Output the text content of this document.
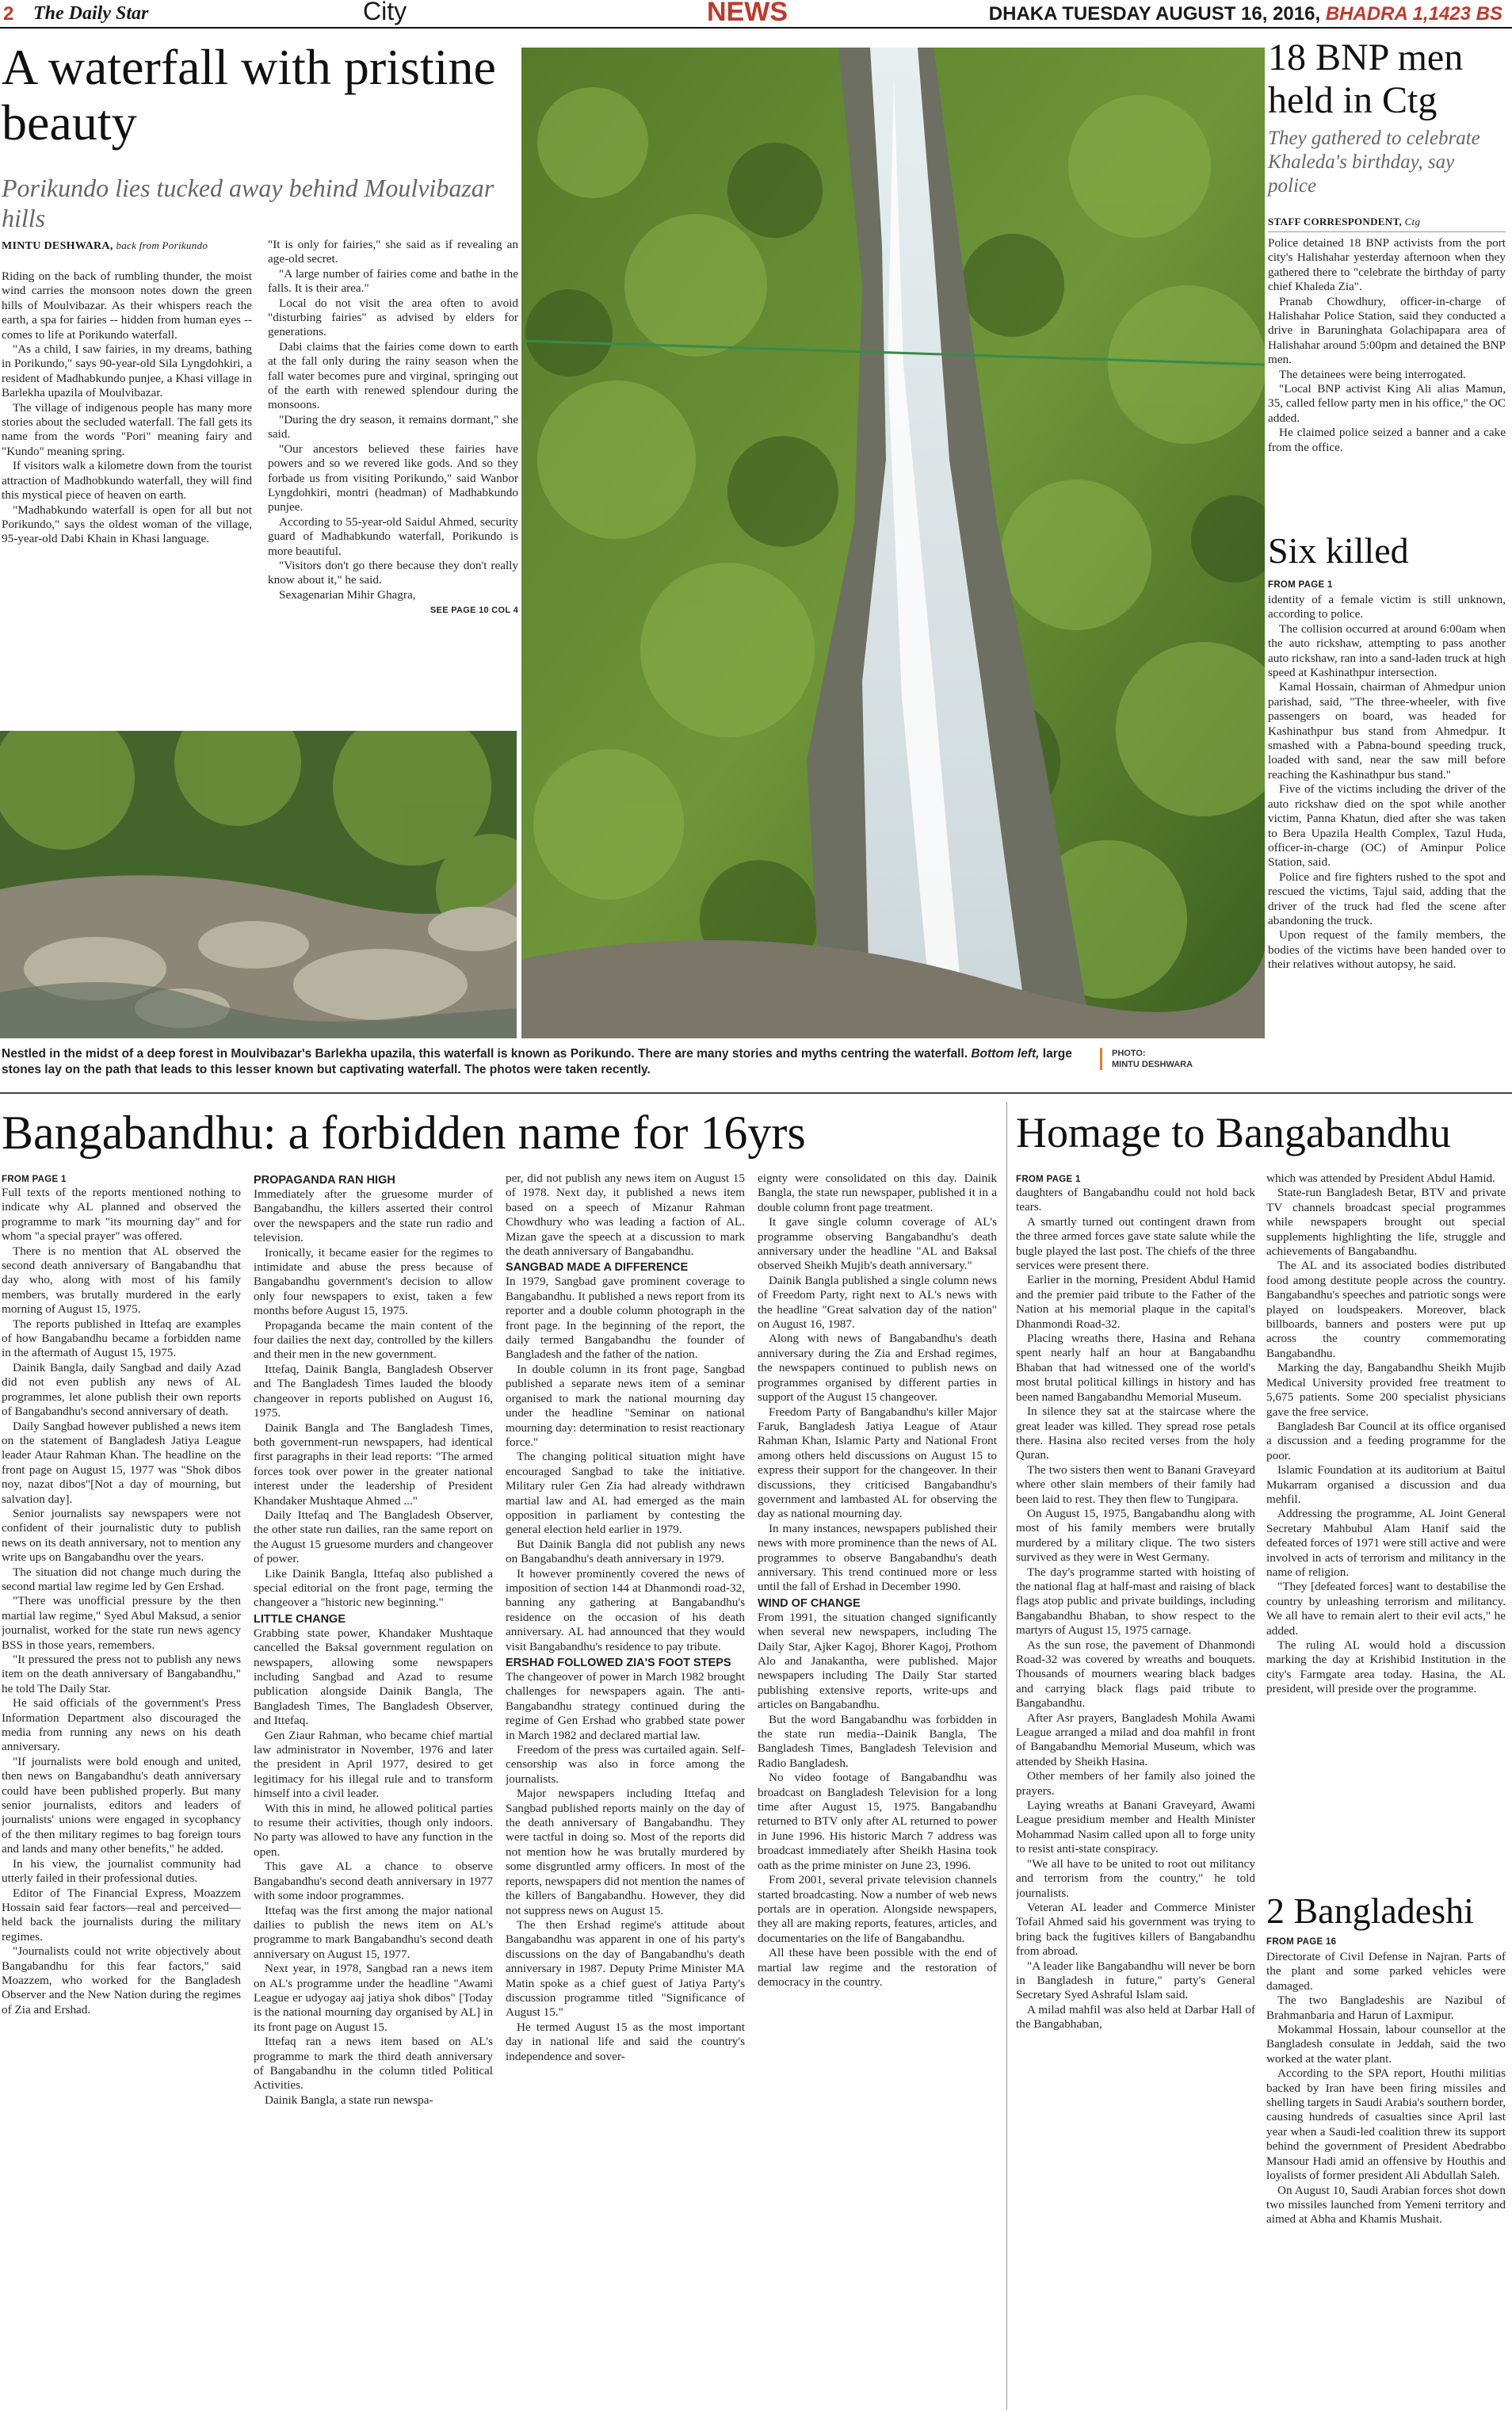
2 The Daily Star	City	NEWS	DHAKA TUESDAY AUGUST 16, 2016, BHADRA 1,1423 BS
A waterfall with pristine beauty
Porikundo lies tucked away behind Moulvibazar hills
MINTU DESHWARA, back from Porikundo

Riding on the back of rumbling thunder, the moist wind carries the monsoon notes down the green hills of Moulvibazar. As their whispers reach the earth, a spa for fairies -- hidden from human eyes -- comes to life at Porikundo waterfall.

"As a child, I saw fairies, in my dreams, bathing in Porikundo," says 90-year-old Sila Lyngdohkiri, a resident of Madhabkundo punjee, a Khasi village in Barlekha upazila of Moulvibazar.

The village of indigenous people has many more stories about the secluded waterfall. The fall gets its name from the words "Pori" meaning fairy and "Kundo" meaning spring.

If visitors walk a kilometre down from the tourist attraction of Madhobkundo waterfall, they will find this mystical piece of heaven on earth.

"Madhabkundo waterfall is open for all but not Porikundo," says the oldest woman of the village, 95-year-old Dabi Khain in Khasi language.

"It is only for fairies," she said as if revealing an age-old secret.

"A large number of fairies come and bathe in the falls. It is their area."

Local do not visit the area often to avoid "disturbing fairies" as advised by elders for generations.

Dabi claims that the fairies come down to earth at the fall only during the rainy season when the fall water becomes pure and virginal, springing out of the earth with renewed splendour during the monsoons.

"During the dry season, it remains dormant," she said.

"Our ancestors believed these fairies have powers and so we revered like gods. And so they forbade us from visiting Porikundo," said Wanbor Lyngdohkiri, montri (headman) of Madhabkundo punjee.

According to 55-year-old Saidul Ahmed, security guard of Madhabkundo waterfall, Porikundo is more beautiful.

"Visitors don't go there because they don't really know about it," he said.

Sexagenarian Mihir Ghagra,

SEE PAGE 10 COL 4
Nestled in the midst of a deep forest in Moulvibazar's Barlekha upazila, this waterfall is known as Porikundo. There are many stories and myths centring the waterfall. Bottom left, large stones lay on the path that leads to this lesser known but captivating waterfall. The photos were taken recently.
PHOTO:
MINTU DESHWARA
18 BNP men held in Ctg
They gathered to celebrate Khaleda's birthday, say police
STAFF CORRESPONDENT, Ctg

Police detained 18 BNP activists from the port city's Halishahar yesterday afternoon when they gathered there to "celebrate the birthday of party chief Khaleda Zia".

Pranab Chowdhury, officer-in-charge of Halishahar Police Station, said they conducted a drive in Baruninghata Golachipapara area of Halishahar around 5:00pm and detained the BNP men.

The detainees were being interrogated.

"Local BNP activist King Ali alias Mamun, 35, called fellow party men in his office," the OC added.

He claimed police seized a banner and a cake from the office.

Six killed
FROM PAGE 1

identity of a female victim is still unknown, according to police.

The collision occurred at around 6:00am when the auto rickshaw, attempting to pass another auto rickshaw, ran into a sand-laden truck at high speed at Kashinathpur intersection.

Kamal Hossain, chairman of Ahmedpur union parishad, said, "The three-wheeler, with five passengers on board, was headed for Kashinathpur bus stand from Ahmedpur. It smashed with a Pabna-bound speeding truck, loaded with sand, near the saw mill before reaching the Kashinathpur bus stand."

Five of the victims including the driver of the auto rickshaw died on the spot while another victim, Panna Khatun, died after she was taken to Bera Upazila Health Complex, Tazul Huda, officer-in-charge (OC) of Aminpur Police Station, said.

Police and fire fighters rushed to the spot and rescued the victims, Tajul said, adding that the driver of the truck had fled the scene after abandoning the truck.

Upon request of the family members, the bodies of the victims have been handed over to their relatives without autopsy, he said.

Bangabandhu: a forbidden name for 16yrs
FROM PAGE 1

Full texts of the reports mentioned nothing to indicate why AL planned and observed the programme to mark "its mourning day" and for whom "a special prayer" was offered.

There is no mention that AL observed the second death anniversary of Bangabandhu that day who, along with most of his family members, was brutally murdered in the early morning of August 15, 1975.

The reports published in Ittefaq are examples of how Bangabandhu became a forbidden name in the aftermath of August 15, 1975.

Dainik Bangla, daily Sangbad and daily Azad did not even publish any news of AL programmes, let alone publish their own reports of Bangabandhu's second anniversary of death.

Daily Sangbad however published a news item on the statement of Bangladesh Jatiya League leader Ataur Rahman Khan. The headline on the front page on August 15, 1977 was "Shok dibos noy, nazat dibos"[Not a day of mourning, but salvation day].

Senior journalists say newspapers were not confident of their journalistic duty to publish news on its death anniversary, not to mention any write ups on Bangabandhu over the years.

The situation did not change much during the second martial law regime led by Gen Ershad.

"There was unofficial pressure by the then martial law regime," Syed Abul Maksud, a senior journalist, worked for the state run news agency BSS in those years, remembers.

"It pressured the press not to publish any news item on the death anniversary of Bangabandhu," he told The Daily Star.

He said officials of the government's Press Information Department also discouraged the media from running any news on his death anniversary.

"If journalists were bold enough and united, then news on Bangabandhu's death anniversary could have been published properly. But many senior journalists, editors and leaders of journalists' unions were engaged in sycophancy of the then military regimes to bag foreign tours and lands and many other benefits," he added.

In his view, the journalist community had utterly failed in their professional duties.

Editor of The Financial Express, Moazzem Hossain said fear factors—real and perceived—held back the journalists during the military regimes.

"Journalists could not write objectively about Bangabandhu for this fear factors," said Moazzem, who worked for the Bangladesh Observer and the New Nation during the regimes of Zia and Ershad.

PROPAGANDA RAN HIGH

Immediately after the gruesome murder of Bangabandhu, the killers asserted their control over the newspapers and the state run radio and television.

Ironically, it became easier for the regimes to intimidate and abuse the press because of Bangabandhu government's decision to allow only four newspapers to exist, taken a few months before August 15, 1975.

Propaganda became the main content of the four dailies the next day, controlled by the killers and their men in the new government.

Ittefaq, Dainik Bangla, Bangladesh Observer and The Bangladesh Times lauded the bloody changeover in reports published on August 16, 1975.

Dainik Bangla and The Bangladesh Times, both government-run newspapers, had identical first paragraphs in their lead reports: "The armed forces took over power in the greater national interest under the leadership of President Khandaker Mushtaque Ahmed ..."

Daily Ittefaq and The Bangladesh Observer, the other state run dailies, ran the same report on the August 15 gruesome murders and changeover of power.

Like Dainik Bangla, Ittefaq also published a special editorial on the front page, terming the changeover a "historic new beginning."

LITTLE CHANGE

Grabbing state power, Khandaker Mushtaque cancelled the Baksal government regulation on newspapers, allowing some newspapers including Sangbad and Azad to resume publication alongside Dainik Bangla, The Bangladesh Times, The Bangladesh Observer, and Ittefaq.

Gen Ziaur Rahman, who became chief martial law administrator in November, 1976 and later the president in April 1977, desired to get legitimacy for his illegal rule and to transform himself into a civil leader.

With this in mind, he allowed political parties to resume their activities, though only indoors. No party was allowed to have any function in the open.

This gave AL a chance to observe Bangabandhu's second death anniversary in 1977 with some indoor programmes.

Ittefaq was the first among the major national dailies to publish the news item on AL's programme to mark Bangabandhu's second death anniversary on August 15, 1977.

Next year, in 1978, Sangbad ran a news item on AL's programme under the headline "Awami League er udyogay aaj jatiya shok dibos" [Today is the national mourning day organised by AL] in its front page on August 15.

Ittefaq ran a news item based on AL's programme to mark the third death anniversary of Bangabandhu in the column titled Political Activities.

Dainik Bangla, a state run newspa-

per, did not publish any news item on August 15 of 1978. Next day, it published a news item based on a speech of Mizanur Rahman Chowdhury who was leading a faction of AL. Mizan gave the speech at a discussion to mark the death anniversary of Bangabandhu.

SANGBAD MADE A DIFFERENCE

In 1979, Sangbad gave prominent coverage to Bangabandhu. It published a news report from its reporter and a double column photograph in the front page. In the beginning of the report, the daily termed Bangabandhu the founder of Bangladesh and the father of the nation.

In double column in its front page, Sangbad published a separate news item of a seminar organised to mark the national mourning day under the headline "Seminar on national mourning day: determination to resist reactionary force."

The changing political situation might have encouraged Sangbad to take the initiative. Military ruler Gen Zia had already withdrawn martial law and AL had emerged as the main opposition in parliament by contesting the general election held earlier in 1979.

But Dainik Bangla did not publish any news on Bangabandhu's death anniversary in 1979.

It however prominently covered the news of imposition of section 144 at Dhanmondi road-32, banning any gathering at Bangabandhu's residence on the occasion of his death anniversary. AL had announced that they would visit Bangabandhu's residence to pay tribute.

ERSHAD FOLLOWED ZIA'S FOOT STEPS

The changeover of power in March 1982 brought challenges for newspapers again. The anti-Bangabandhu strategy continued during the regime of Gen Ershad who grabbed state power in March 1982 and declared martial law.

Freedom of the press was curtailed again. Self-censorship was also in force among the journalists.

Major newspapers including Ittefaq and Sangbad published reports mainly on the day of the death anniversary of Bangabandhu. They were tactful in doing so. Most of the reports did not mention how he was brutally murdered by some disgruntled army officers. In most of the reports, newspapers did not mention the names of the killers of Bangabandhu. However, they did not suppress news on August 15.

The then Ershad regime's attitude about Bangabandhu was apparent in one of his party's discussions on the day of Bangabandhu's death anniversary in 1987. Deputy Prime Minister MA Matin spoke as a chief guest of Jatiya Party's discussion programme titled "Significance of August 15."

He termed August 15 as the most important day in national life and said the country's independence and sover-

eignty were consolidated on this day. Dainik Bangla, the state run newspaper, published it in a double column front page treatment.

It gave single column coverage of AL's programme observing Bangabandhu's death anniversary under the headline "AL and Baksal observed Sheikh Mujib's death anniversary."

Dainik Bangla published a single column news of Freedom Party, right next to AL's news with the headline "Great salvation day of the nation" on August 16, 1987.

Along with news of Bangabandhu's death anniversary during the Zia and Ershad regimes, the newspapers continued to publish news on programmes organised by different parties in support of the August 15 changeover.

Freedom Party of Bangabandhu's killer Major Faruk, Bangladesh Jatiya League of Ataur Rahman Khan, Islamic Party and National Front among others held discussions on August 15 to express their support for the changeover. In their discussions, they criticised Bangabandhu's government and lambasted AL for observing the day as national mourning day.

In many instances, newspapers published their news with more prominence than the news of AL programmes to observe Bangabandhu's death anniversary. This trend continued more or less until the fall of Ershad in December 1990.

WIND OF CHANGE

From 1991, the situation changed significantly when several new newspapers, including The Daily Star, Ajker Kagoj, Bhorer Kagoj, Prothom Alo and Janakantha, were published. Major newspapers including The Daily Star started publishing extensive reports, write-ups and articles on Bangabandhu.

But the word Bangabandhu was forbidden in the state run media--Dainik Bangla, The Bangladesh Times, Bangladesh Television and Radio Bangladesh.

No video footage of Bangabandhu was broadcast on Bangladesh Television for a long time after August 15, 1975. Bangabandhu returned to BTV only after AL returned to power in June 1996. His historic March 7 address was broadcast immediately after Sheikh Hasina took oath as the prime minister on June 23, 1996.

From 2001, several private television channels started broadcasting. Now a number of web news portals are in operation. Alongside newspapers, they all are making reports, features, articles, and documentaries on the life of Bangabandhu.

All these have been possible with the end of martial law regime and the restoration of democracy in the country.

Homage to Bangabandhu
FROM PAGE 1

daughters of Bangabandhu could not hold back tears.

A smartly turned out contingent drawn from the three armed forces gave state salute while the bugle played the last post. The chiefs of the three services were present there.

Earlier in the morning, President Abdul Hamid and the premier paid tribute to the Father of the Nation at his memorial plaque in the capital's Dhanmondi Road-32.

Placing wreaths there, Hasina and Rehana spent nearly half an hour at Bangabandhu Bhaban that had witnessed one of the world's most brutal political killings in history and has been named Bangabandhu Memorial Museum.

In silence they sat at the staircase where the great leader was killed. They spread rose petals there. Hasina also recited verses from the holy Quran.

The two sisters then went to Banani Graveyard where other slain members of their family had been laid to rest. They then flew to Tungipara.

On August 15, 1975, Bangabandhu along with most of his family members were brutally murdered by a military clique. The two sisters survived as they were in West Germany.

The day's programme started with hoisting of the national flag at half-mast and raising of black flags atop public and private buildings, including Bangabandhu Bhaban, to show respect to the martyrs of August 15, 1975 carnage.

As the sun rose, the pavement of Dhanmondi Road-32 was covered by wreaths and bouquets. Thousands of mourners wearing black badges and carrying black flags paid tribute to Bangabandhu.

After Asr prayers, Bangladesh Mohila Awami League arranged a milad and doa mahfil in front of Bangabandhu Memorial Museum, which was attended by Sheikh Hasina.

Other members of her family also joined the prayers.

Laying wreaths at Banani Graveyard, Awami League presidium member and Health Minister Mohammad Nasim called upon all to forge unity to resist anti-state conspiracy.

"We all have to be united to root out militancy and terrorism from the country," he told journalists.

Veteran AL leader and Commerce Minister Tofail Ahmed said his government was trying to bring back the fugitives killers of Bangabandhu from abroad.

"A leader like Bangabandhu will never be born in Bangladesh in future," party's General Secretary Syed Ashraful Islam said.

A milad mahfil was also held at Darbar Hall of the Bangabhaban,

which was attended by President Abdul Hamid.

State-run Bangladesh Betar, BTV and private TV channels broadcast special programmes while newspapers brought out special supplements highlighting the life, struggle and achievements of Bangabandhu.

The AL and its associated bodies distributed food among destitute people across the country. Bangabandhu's speeches and patriotic songs were played on loudspeakers. Moreover, black billboards, banners and posters were put up across the country commemorating Bangabandhu.

Marking the day, Bangabandhu Sheikh Mujib Medical University provided free treatment to 5,675 patients. Some 200 specialist physicians gave the free service.

Bangladesh Bar Council at its office organised a discussion and a feeding programme for the poor.

Islamic Foundation at its auditorium at Baitul Mukarram organised a discussion and dua mehfil.

Addressing the programme, AL Joint General Secretary Mahbubul Alam Hanif said the defeated forces of 1971 were still active and were involved in acts of terrorism and militancy in the name of religion.

"They [defeated forces] want to destabilise the country by unleashing terrorism and militancy. We all have to remain alert to their evil acts," he added.

The ruling AL would hold a discussion marking the day at Krishibid Institution in the city's Farmgate area today. Hasina, the AL president, will preside over the programme.

2 Bangladeshi
FROM PAGE 16

Directorate of Civil Defense in Najran. Parts of the plant and some parked vehicles were damaged.

The two Bangladeshis are Nazibul of Brahmanbaria and Harun of Laxmipur.

Mokammal Hossain, labour counsellor at the Bangladesh consulate in Jeddah, said the two worked at the water plant.

According to the SPA report, Houthi militias backed by Iran have been firing missiles and shelling targets in Saudi Arabia's southern border, causing hundreds of casualties since April last year when a Saudi-led coalition threw its support behind the government of President Abedrabbo Mansour Hadi amid an offensive by Houthis and loyalists of former president Ali Abdullah Saleh.

On August 10, Saudi Arabian forces shot down two missiles launched from Yemeni territory and aimed at Abha and Khamis Mushait.
